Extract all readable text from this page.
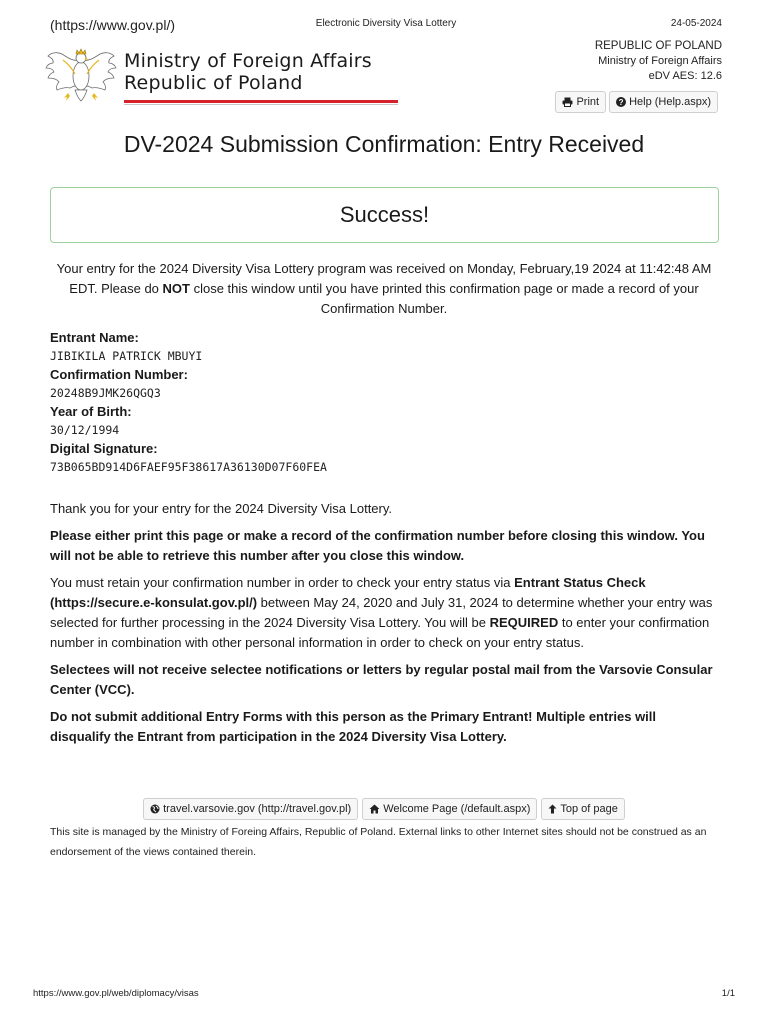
(https://www.gov.pl/)	Electronic Diversity Visa Lottery	24-05-2024
Ministry of Foreign Affairs
Republic of Poland
REPUBLIC OF POLAND
Ministry of Foreign Affairs
eDV AES: 12.6
Print	? Help (Help.aspx)
DV-2024 Submission Confirmation: Entry Received
Success!
Your entry for the 2024 Diversity Visa Lottery program was received on Monday, February,19 2024 at 11:42:48 AM EDT. Please do NOT close this window until you have printed this confirmation page or made a record of your Confirmation Number.
Entrant Name:
JIBIKILA PATRICK MBUYI
Confirmation Number:
20248B9JMK26QGQ3
Year of Birth:
30/12/1994
Digital Signature:
73B065BD914D6FAEF95F38617A36130D07F60FEA

Thank you for your entry for the 2024 Diversity Visa Lottery.

Please either print this page or make a record of the confirmation number before closing this window. You will not be able to retrieve this number after you close this window.

You must retain your confirmation number in order to check your entry status via Entrant Status Check (https://secure.e-konsulat.gov.pl/) between May 24, 2020 and July 31, 2024 to determine whether your entry was selected for further processing in the 2024 Diversity Visa Lottery. You will be REQUIRED to enter your confirmation number in combination with other personal information in order to check on your entry status.

Selectees will not receive selectee notifications or letters by regular postal mail from the Varsovie Consular Center (VCC).

Do not submit additional Entry Forms with this person as the Primary Entrant! Multiple entries will disqualify the Entrant from participation in the 2024 Diversity Visa Lottery.

travel.varsovie.gov (http://travel.gov.pl)	Welcome Page (/default.aspx)	Top of page
This site is managed by the Ministry of Foreing Affairs, Republic of Poland. External links to other Internet sites should not be construed as an endorsement of the views contained therein.
https://www.gov.pl/web/diplomacy/visas	1/1
